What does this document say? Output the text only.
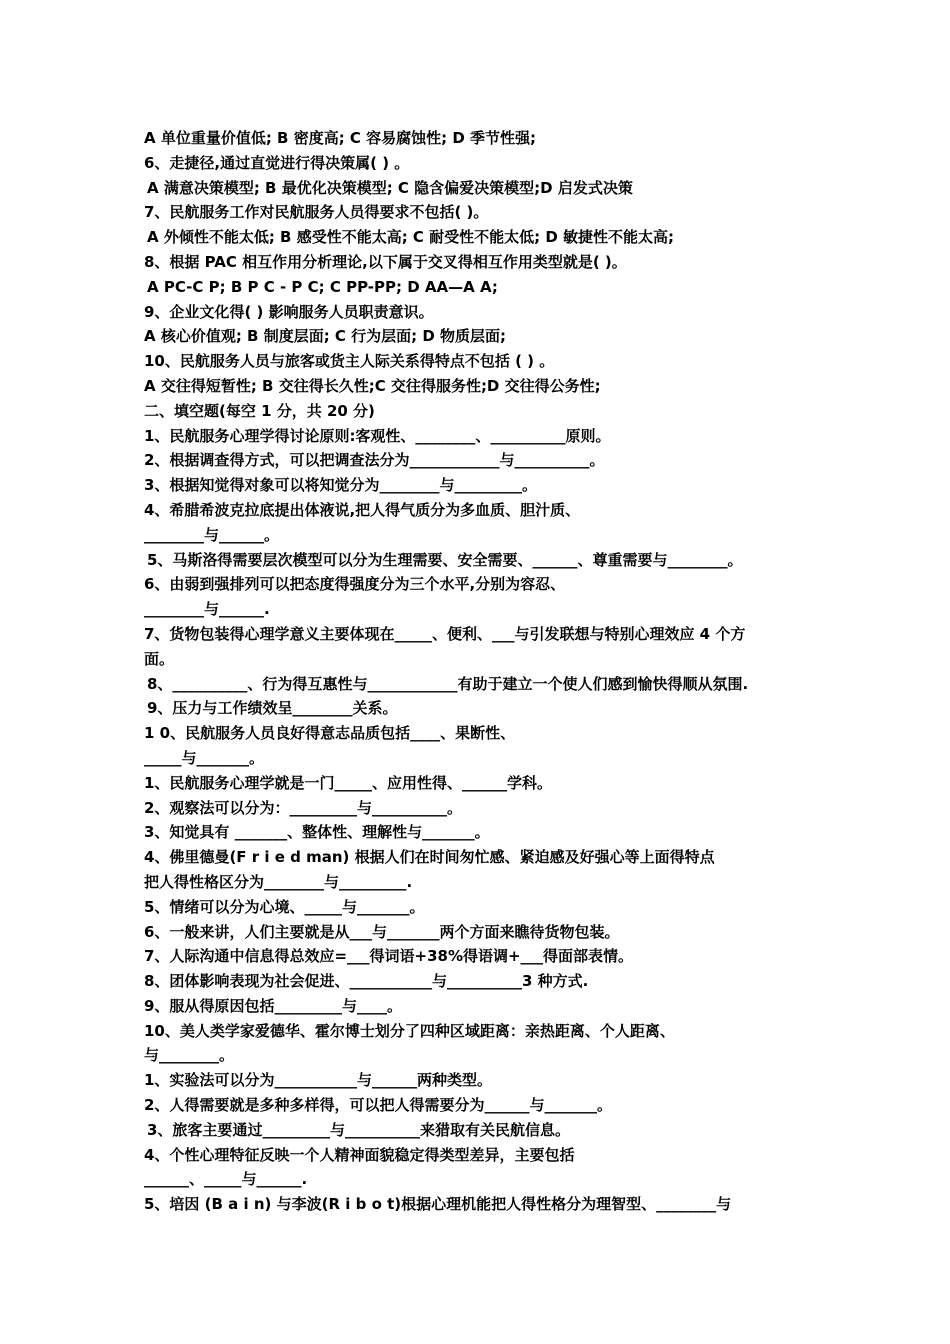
A 单位重量价值低; B 密度高; C 容易腐蚀性; D 季节性强;
6、走捷径,通过直觉进行得决策属( ) 。
A 满意决策模型; B 最优化决策模型; C 隐含偏爱决策模型;D 启发式决策
7、民航服务工作对民航服务人员得要求不包括( )。
A 外倾性不能太低; B 感受性不能太高; C 耐受性不能太低; D 敏捷性不能太高;
8、根据 PAC 相互作用分析理论,以下属于交叉得相互作用类型就是( )。
A PC-C P; B P C - P C; C PP-PP; D AA—A A;
9、企业文化得( ) 影响服务人员职责意识。
A 核心价值观; B 制度层面; C 行为层面; D 物质层面;
10、民航服务人员与旅客或货主人际关系得特点不包括 ( ) 。
A 交往得短暂性; B 交往得长久性;C 交往得服务性;D 交往得公务性;
二、填空题(每空 1 分，共 20 分)
1、民航服务心理学得讨论原则:客观性、________、__________原则。
2、根据调查得方式，可以把调查法分为____________与__________。
3、根据知觉得对象可以将知觉分为________与_________。
4、希腊希波克拉底提出体液说,把人得气质分为多血质、胆汁质、
________与______。
5、马斯洛得需要层次模型可以分为生理需要、安全需要、______、尊重需要与________。
6、由弱到强排列可以把态度得强度分为三个水平,分别为容忍、
________与______.
7、货物包装得心理学意义主要体现在_____、便利、___与引发联想与特别心理效应 4 个方
面。
8、__________、行为得互惠性与____________有助于建立一个使人们感到愉快得顺从氛围.
9、压力与工作绩效呈________关系。
1 0、民航服务人员良好得意志品质包括____、果断性、
_____与_______。
1、民航服务心理学就是一门_____、应用性得、______学科。
2、观察法可以分为：_________与__________。
3、知觉具有 _______、整体性、理解性与_______。
4、佛里德曼(F r i e d man) 根据人们在时间匆忙感、紧迫感及好强心等上面得特点
把人得性格区分为________与_________.
5、情绪可以分为心境、_____与_______。
6、一般来讲，人们主要就是从___与_______两个方面来瞧待货物包装。
7、人际沟通中信息得总效应=___得词语+38%得语调+___得面部表情。
8、团体影响表现为社会促进、___________与__________3 种方式.
9、服从得原因包括_________与____。
10、美人类学家爱德华、霍尔博士划分了四种区域距离：亲热距离、个人距离、
与________。
1、实验法可以分为___________与______两种类型。
2、人得需要就是多种多样得，可以把人得需要分为______与_______。
3、旅客主要通过_________与__________来猎取有关民航信息。
4、个性心理特征反映一个人精神面貌稳定得类型差异，主要包括
______、_____与______.
5、培因 (B a i n) 与李波(R i b o t)根据心理机能把人得性格分为理智型、________与
